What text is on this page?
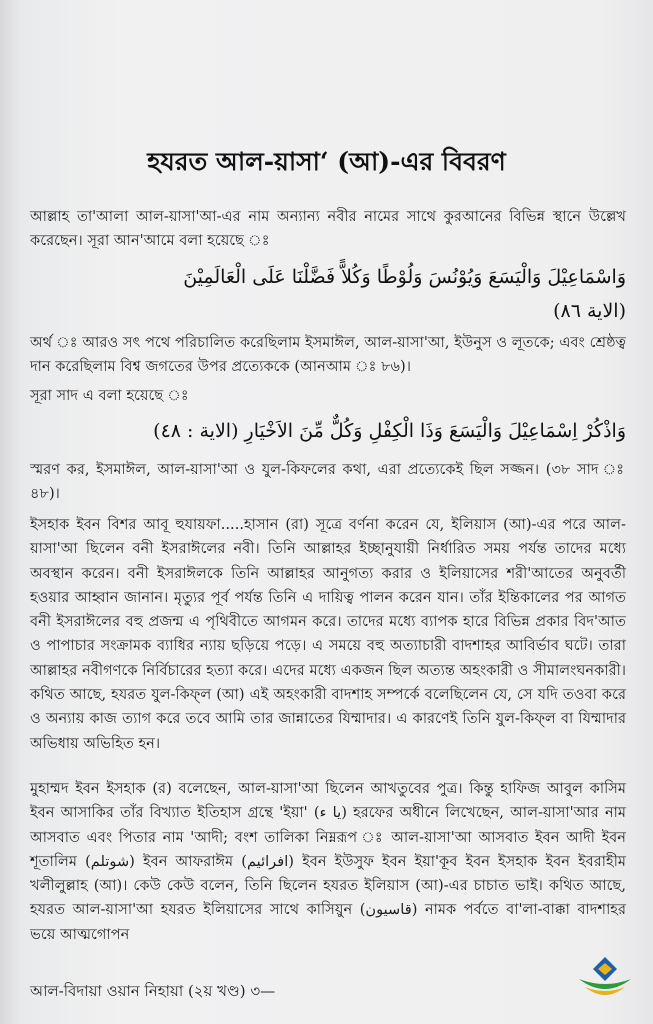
হযরত আল-য়াসা‘ (আ)-এর বিবরণ

আল্লাহ তা'আলা আল-য়াসা'আ-এর নাম অন্যান্য নবীর নামের সাথে কুরআনের বিভিন্ন স্থানে উল্লেখ করেছেন। সূরা আন'আমে বলা হয়েছে ঃ

وَاسْمَاعِيْلَ وَالْيَسَعَ وَيُوْنُسَ وَلُوْطًا وَكُلاًّ فَضَّلْنَا عَلَى الْعَالَمِيْنَ
(الاية ٨٦)

অর্থ ঃ আরও সৎ পথে পরিচালিত করেছিলাম ইসমাঈল, আল-য়াসা'আ, ইউনুস ও লূতকে; এবং শ্রেষ্ঠত্ব দান করেছিলাম বিশ্ব জগতের উপর প্রত্যেককে (আনআম ঃ ৮৬)।

সূরা সাদ এ বলা হয়েছে ঃ

وَاذْكُرْ اِسْمَاعِيْلَ وَالْيَسَعَ وَذَا الْكِفْلِ وَكُلٌّ مِّنَ الاَخْيَارِ (الاية : ٤٨)

স্মরণ কর, ইসমাঈল, আল-য়াসা'আ ও যুল-কিফলের কথা, এরা প্রত্যেকেই ছিল সজ্জন। (৩৮ সাদ ঃ ৪৮)।

ইসহাক ইবন বিশর আবূ হুযায়ফা.....হাসান (রা) সূত্রে বর্ণনা করেন যে, ইলিয়াস (আ)-এর পরে আল-য়াসা'আ ছিলেন বনী ইসরাঈলের নবী। তিনি আল্লাহর ইচ্ছানুযায়ী নির্ধারিত সময় পর্যন্ত তাদের মধ্যে অবস্থান করেন। বনী ইসরাঈলকে তিনি আল্লাহর আনুগত্য করার ও ইলিয়াসের শরী'আতের অনুবর্তী হওয়ার আহ্বান জানান। মৃত্যুর পূর্ব পর্যন্ত তিনি এ দায়িত্ব পালন করেন যান। তাঁর ইন্তিকালের পর আগত বনী ইসরাঈলের বহু প্রজন্ম এ পৃথিবীতে আগমন করে। তাদের মধ্যে ব্যাপক হারে বিভিন্ন প্রকার বিদ'আত ও পাপাচার সংক্রামক ব্যাধির ন্যায় ছড়িয়ে পড়ে। এ সময়ে বহু অত্যাচারী বাদশাহর আবির্ভাব ঘটে। তারা আল্লাহর নবীগণকে নির্বিচারের হত্যা করে। এদের মধ্যে একজন ছিল অত্যন্ত অহংকারী ও সীমালংঘনকারী। কথিত আছে, হযরত যুল-কিফ্‌ল (আ) এই অহংকারী বাদশাহ সম্পর্কে বলেছিলেন যে, সে যদি তওবা করে ও অন্যায় কাজ ত্যাগ করে তবে আমি তার জান্নাতের যিম্মাদার। এ কারণেই তিনি যুল-কিফ্‌ল বা যিম্মাদার অভিধায় অভিহিত হন।

মুহাম্মদ ইবন ইসহাক (র) বলেছেন, আল-য়াসা'আ ছিলেন আখতুবের পুত্র। কিন্তু হাফিজ আবুল কাসিম ইবন আসাকির তাঁর বিখ্যাত ইতিহাস গ্রন্থে 'ইয়া' (يا ء) হরফের অধীনে লিখেছেন, আল-য়াসা'আর নাম আসবাত এবং পিতার নাম 'আদী; বংশ তালিকা নিম্নরূপ ঃ আল-য়াসা'আ আসবাত ইবন আদী ইবন শূতালিম (شوتلم) ইবন আফরাঈম (افرائيم) ইবন ইউসুফ ইবন ইয়া'কূব ইবন ইসহাক ইবন ইবরাহীম খলীলুল্লাহ (আ)। কেউ কেউ বলেন, তিনি ছিলেন হযরত ইলিয়াস (আ)-এর চাচাত ভাই। কথিত আছে, হযরত আল-য়াসা'আ হযরত ইলিয়াসের সাথে কাসিয়ুন (قاسيون) নামক পর্বতে বা'লা-বাক্কা বাদশাহর ভয়ে আত্মগোপন

আল-বিদায়া ওয়ান নিহায়া (২য় খণ্ড) ৩—
